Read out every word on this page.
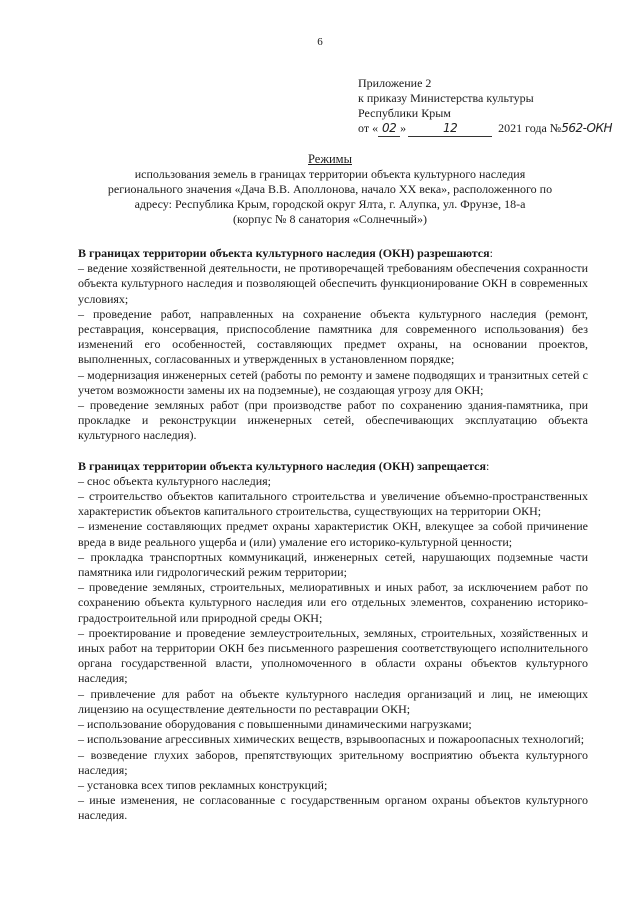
6
Приложение 2
к приказу Министерства культуры
Республики Крым
от « 02 »	12	2021 года №562-ОКН
Режимы
использования земель в границах территории объекта культурного наследия
регионального значения «Дача В.В. Аполлонова, начало XX века», расположенного по
адресу: Республика Крым, городской округ Ялта, г. Алупка, ул. Фрунзе, 18-а
(корпус № 8 санатория «Солнечный»)

В границах территории объекта культурного наследия (ОКН) разрешаются:

– ведение хозяйственной деятельности, не противоречащей требованиям обеспечения сохранности объекта культурного наследия и позволяющей обеспечить функционирование ОКН в современных условиях;

– проведение работ, направленных на сохранение объекта культурного наследия (ремонт, реставрация, консервация, приспособление памятника для современного использования) без изменений его особенностей, составляющих предмет охраны, на основании проектов, выполненных, согласованных и утвержденных в установленном порядке;

– модернизация инженерных сетей (работы по ремонту и замене подводящих и транзитных сетей с учетом возможности замены их на подземные), не создающая угрозу для ОКН;

– проведение земляных работ (при производстве работ по сохранению здания-памятника, при прокладке и реконструкции инженерных сетей, обеспечивающих эксплуатацию объекта культурного наследия).

В границах территории объекта культурного наследия (ОКН) запрещается:

– снос объекта культурного наследия;

– строительство объектов капитального строительства и увеличение объемно-пространственных характеристик объектов капитального строительства, существующих на территории ОКН;

– изменение составляющих предмет охраны характеристик ОКН, влекущее за собой причинение вреда в виде реального ущерба и (или) умаление его историко-культурной ценности;

– прокладка транспортных коммуникаций, инженерных сетей, нарушающих подземные части памятника или гидрологический режим территории;

– проведение земляных, строительных, мелиоративных и иных работ, за исключением работ по сохранению объекта культурного наследия или его отдельных элементов, сохранению историко-градостроительной или природной среды ОКН;

– проектирование и проведение землеустроительных, земляных, строительных, хозяйственных и иных работ на территории ОКН без письменного разрешения соответствующего исполнительного органа государственной власти, уполномоченного в области охраны объектов культурного наследия;

– привлечение для работ на объекте культурного наследия организаций и лиц, не имеющих лицензию на осуществление деятельности по реставрации ОКН;

– использование оборудования с повышенными динамическими нагрузками;

– использование агрессивных химических веществ, взрывоопасных и пожароопасных технологий;

– возведение глухих заборов, препятствующих зрительному восприятию объекта культурного наследия;

– установка всех типов рекламных конструкций;

– иные изменения, не согласованные с государственным органом охраны объектов культурного наследия.
